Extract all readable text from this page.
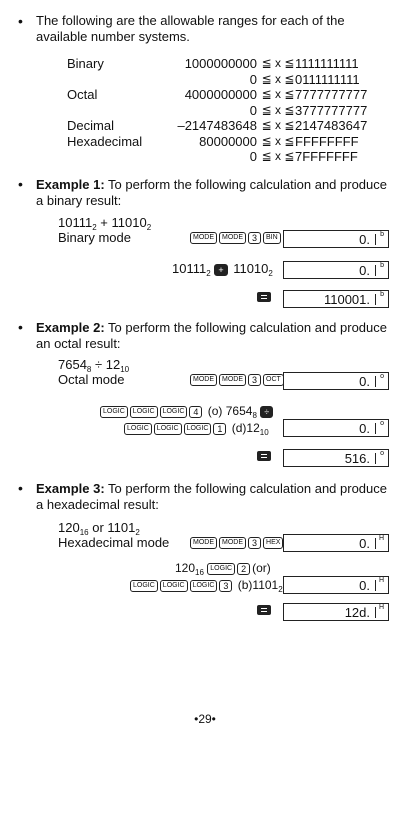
• The following are the allowable ranges for each of the available number systems.
Binary	1000000000	≦ x ≦	1111111111
	0	≦ x ≦	0111111111
Octal	4000000000	≦ x ≦	7777777777
	0	≦ x ≦	3777777777
Decimal	–2147483648	≦ x ≦	2147483647
Hexadecimal	80000000	≦ x ≦	FFFFFFFF
	0	≦ x ≦	7FFFFFFF
• Example 1: To perform the following calculation and produce a binary result:
$10111_2 + 11010_2$
Binary mode	MODE MODE 3 BIN	0. b
$10111_2 + 11010_2$	0. b
110001. b
• Example 2: To perform the following calculation and produce an octal result:
$7654_8 \div 12_{10}$
Octal mode	MODE MODE 3 OCT	0. o
LOGIC LOGIC LOGIC 4 (o) $7654_8$ ÷
LOGIC LOGIC LOGIC 1 $(d)12_{10}$	0. o
516. o
• Example 3: To perform the following calculation and produce a hexadecimal result:
$120_{16}$ or $1101_2$
Hexadecimal mode	MODE MODE 3 HEX	0. H
$120_{16}$ LOGIC 2 (or)
LOGIC LOGIC LOGIC 3 $(b)1101_2$	0. H
12d. H
•29•
